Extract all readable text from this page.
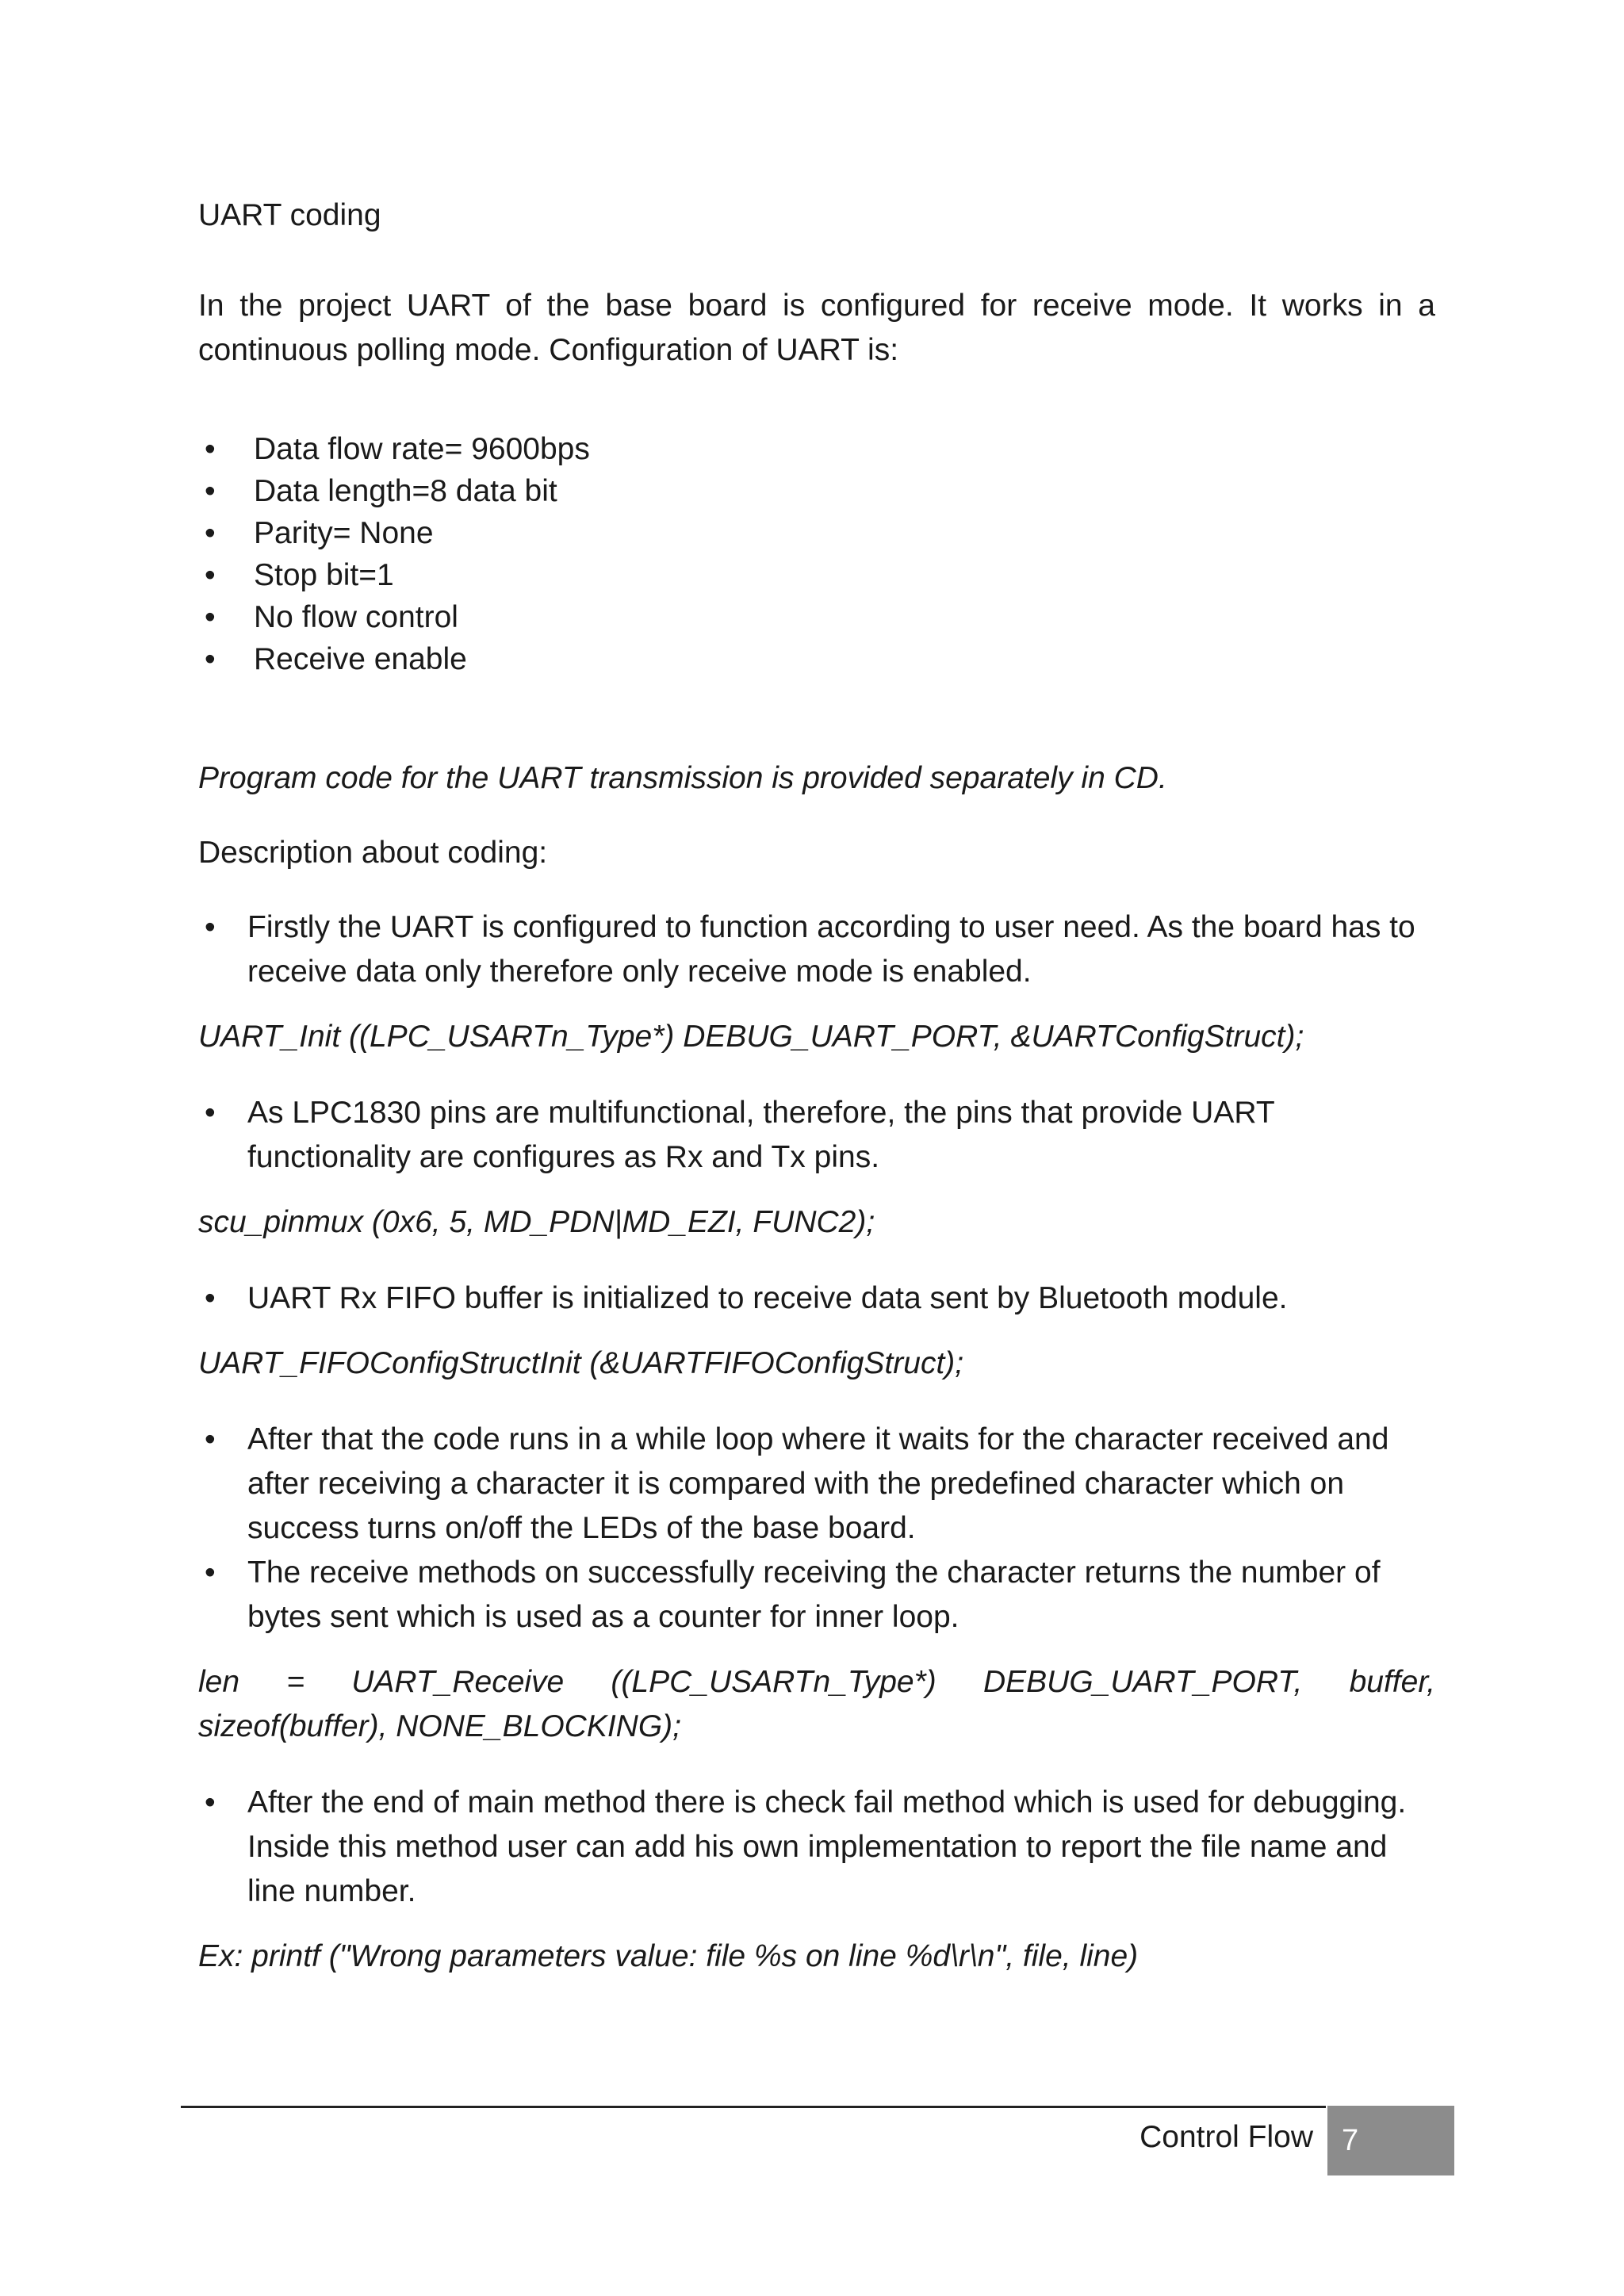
UART coding

In the project UART of the base board is configured for receive mode. It works in a continuous polling mode. Configuration of UART is:

• Data flow rate= 9600bps
• Data length=8 data bit
• Parity= None
• Stop bit=1
• No flow control
• Receive enable

Program code for the UART transmission is provided separately in CD.

Description about coding:

• Firstly the UART is configured to function according to user need. As the board has to receive data only therefore only receive mode is enabled.

UART_Init ((LPC_USARTn_Type*) DEBUG_UART_PORT, &UARTConfigStruct);

• As LPC1830 pins are multifunctional, therefore, the pins that provide UART functionality are configures as Rx and Tx pins.

scu_pinmux (0x6, 5, MD_PDN|MD_EZI, FUNC2);

• UART Rx FIFO buffer is initialized to receive data sent by Bluetooth module.

UART_FIFOConfigStructInit (&UARTFIFOConfigStruct);

• After that the code runs in a while loop where it waits for the character received and after receiving a character it is compared with the predefined character which on success turns on/off the LEDs of the base board.
• The receive methods on successfully receiving the character returns the number of bytes sent which is used as a counter for inner loop.

len = UART_Receive ((LPC_USARTn_Type*) DEBUG_UART_PORT, buffer, sizeof(buffer), NONE_BLOCKING);

• After the end of main method there is check fail method which is used for debugging. Inside this method user can add his own implementation to report the file name and line number.

Ex: printf ("Wrong parameters value: file %s on line %d\r\n", file, line)

Control Flow 7
